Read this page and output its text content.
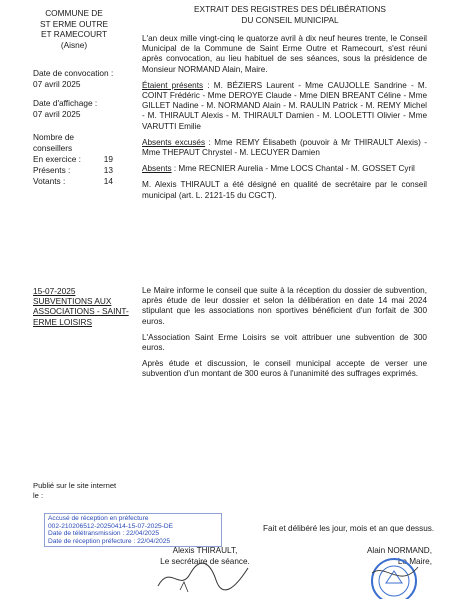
COMMUNE DE
ST ERME OUTRE
ET RAMECOURT
(Aisne)
EXTRAIT DES REGISTRES DES DÉLIBÉRATIONS
DU CONSEIL MUNICIPAL
Date de convocation :
07 avril 2025
Date d'affichage :
07 avril 2025
Nombre de
conseillers
En exercice :	19
Présents :	13
Votants :	14

L'an deux mille vingt-cinq le quatorze avril à dix neuf heures trente, le Conseil Municipal de la Commune de Saint Erme Outre et Ramecourt, s'est réuni après convocation, au lieu habituel de ses séances, sous la présidence de Monsieur NORMAND Alain, Maire.

Étaient présents : M. BÉZIERS Laurent - Mme CAUJOLLE Sandrine - M. COINT Frédéric - Mme DEROYE Claude - Mme DIEN BREANT Céline - Mme GILLET Nadine - M. NORMAND Alain - M. RAULIN Patrick - M. REMY Michel - M. THIRAULT Alexis - M. THIRAULT Damien - M. LOOLETTI Olivier - Mme VARUTTI Emilie

Absents excusés : Mme REMY Élisabeth (pouvoir à Mr THIRAULT Alexis) - Mme THEPAUT Chrystel - M. LECUYER Damien

Absents : Mme RECNIER Aurelia - Mme LOCS Chantal - M. GOSSET Cyril

M. Alexis THIRAULT a été désigné en qualité de secrétaire par le conseil municipal (art. L. 2121-15 du CGCT).

15-07-2025
SUBVENTIONS AUX ASSOCIATIONS - SAINT-ERME LOISIRS

Le Maire informe le conseil que suite à la réception du dossier de subvention, après étude de leur dossier et selon la délibération en date 14 mai 2024 stipulant que les associations non sportives bénéficient d'un forfait de 300 euros.

L'Association Saint Erme Loisirs se voit attribuer une subvention de 300 euros.

Après étude et discussion, le conseil municipal accepte de verser une subvention d'un montant de 300 euros à l'unanimité des suffrages exprimés.

Publié sur le site internet
le :
Fait et délibéré les jour, mois et an que dessus.
Accusé de réception en préfecture
002-210206512-20250414-15-07-2025-DE
Date de télétransmission : 22/04/2025
Date de réception préfecture : 22/04/2025
Alexis THIRAULT,
Le secrétaire de séance.
Alain NORMAND,
Le Maire,
